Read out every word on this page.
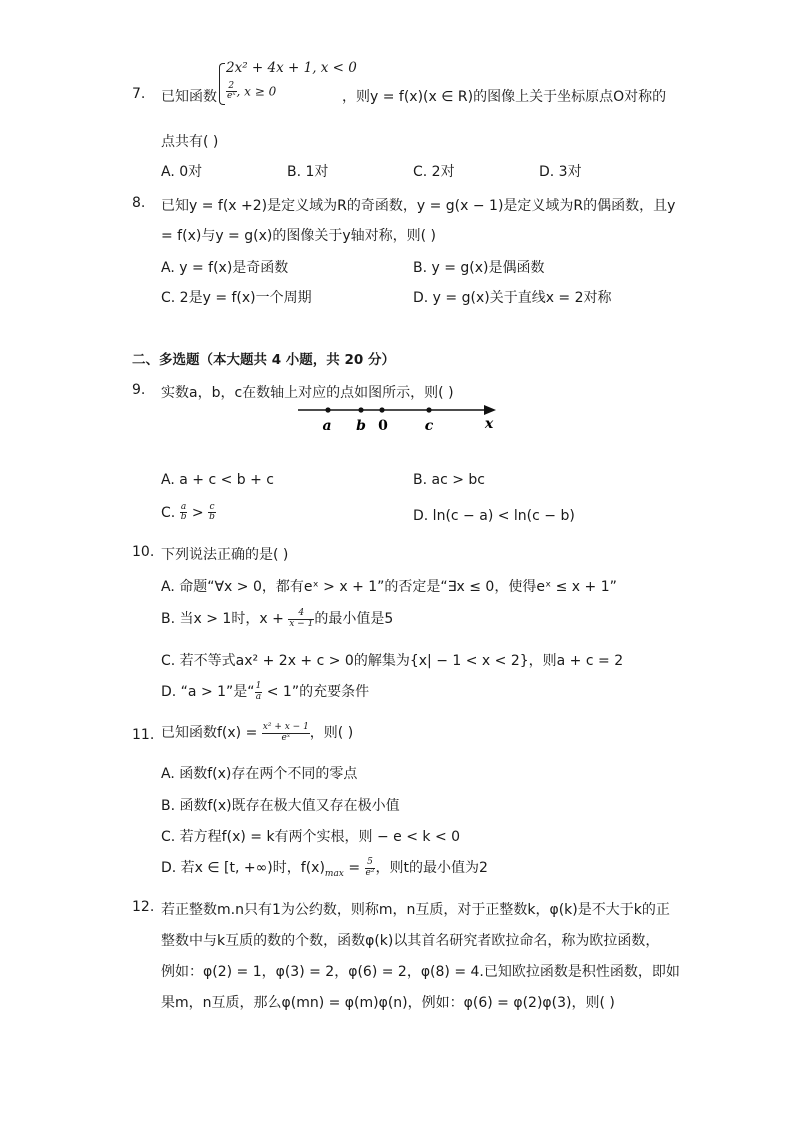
7. 已知函数
2x² + 4x + 1, x < 0
$\frac{2}{\text{eˣ}}$ , x ≥ 0	，则y = f(x)(x ∈ R)的图像上关于坐标原点O对称的
点共有( )
A. 0对	B. 1对	C. 2对	D. 3对
8. 已知y = f(x +2)是定义域为R的奇函数，y = g(x − 1)是定义域为R的偶函数，且y
= f(x)与y = g(x)的图像关于y轴对称，则( )
A. y = f(x)是奇函数	B. y = g(x)是偶函数
C. 2是y = f(x)一个周期	D. y = g(x)关于直线x = 2对称
二、多选题（本大题共 4 小题，共 20 分）
9. 实数a，b，c在数轴上对应的点如图所示，则( )
a b 0	c	x
A. a + c < b + c	B. ac > bc
C. $\frac{a}{b} > \frac{c}{b}$	D. ln(c − a) < ln(c − b)
10. 下列说法正确的是( )
A. 命题“∀x > 0，都有eˣ > x + 1”的否定是“∃x ≤ 0，使得eˣ ≤ x + 1”
B. 当x > 1时，$x + \frac{4}{x - 1}$ 的最小值是5
C. 若不等式ax² + 2x + c > 0的解集为{x| − 1 < x < 2}，则a + c = 2
D. “a > 1”是“ $\frac{1}{a} < 1$”的充要条件
11. 已知函数$f(x) = \frac{\text{x² + x − 1}}{\text{eˣ}}$ ，则( )
A. 函数f(x)存在两个不同的零点
B. 函数f(x)既存在极大值又存在极小值
C. 若方程f(x) = k有两个实根，则 − e < k < 0
D. 若x ∈ [t, +∞)时，$f(x)_{max} = \frac{5}{\text{e²}}$ ，则t的最小值为2
12. 若正整数m.n只有1为公约数，则称m，n互质，对于正整数k，φ(k)是不大于k的正
整数中与k互质的数的个数，函数φ(k)以其首名研究者欧拉命名，称为欧拉函数，
例如：φ(2) = 1，φ(3) = 2，φ(6) = 2，φ(8) = 4.已知欧拉函数是积性函数，即如
果m，n互质，那么φ(mn) = φ(m)φ(n)，例如：φ(6) = φ(2)φ(3)，则( )
